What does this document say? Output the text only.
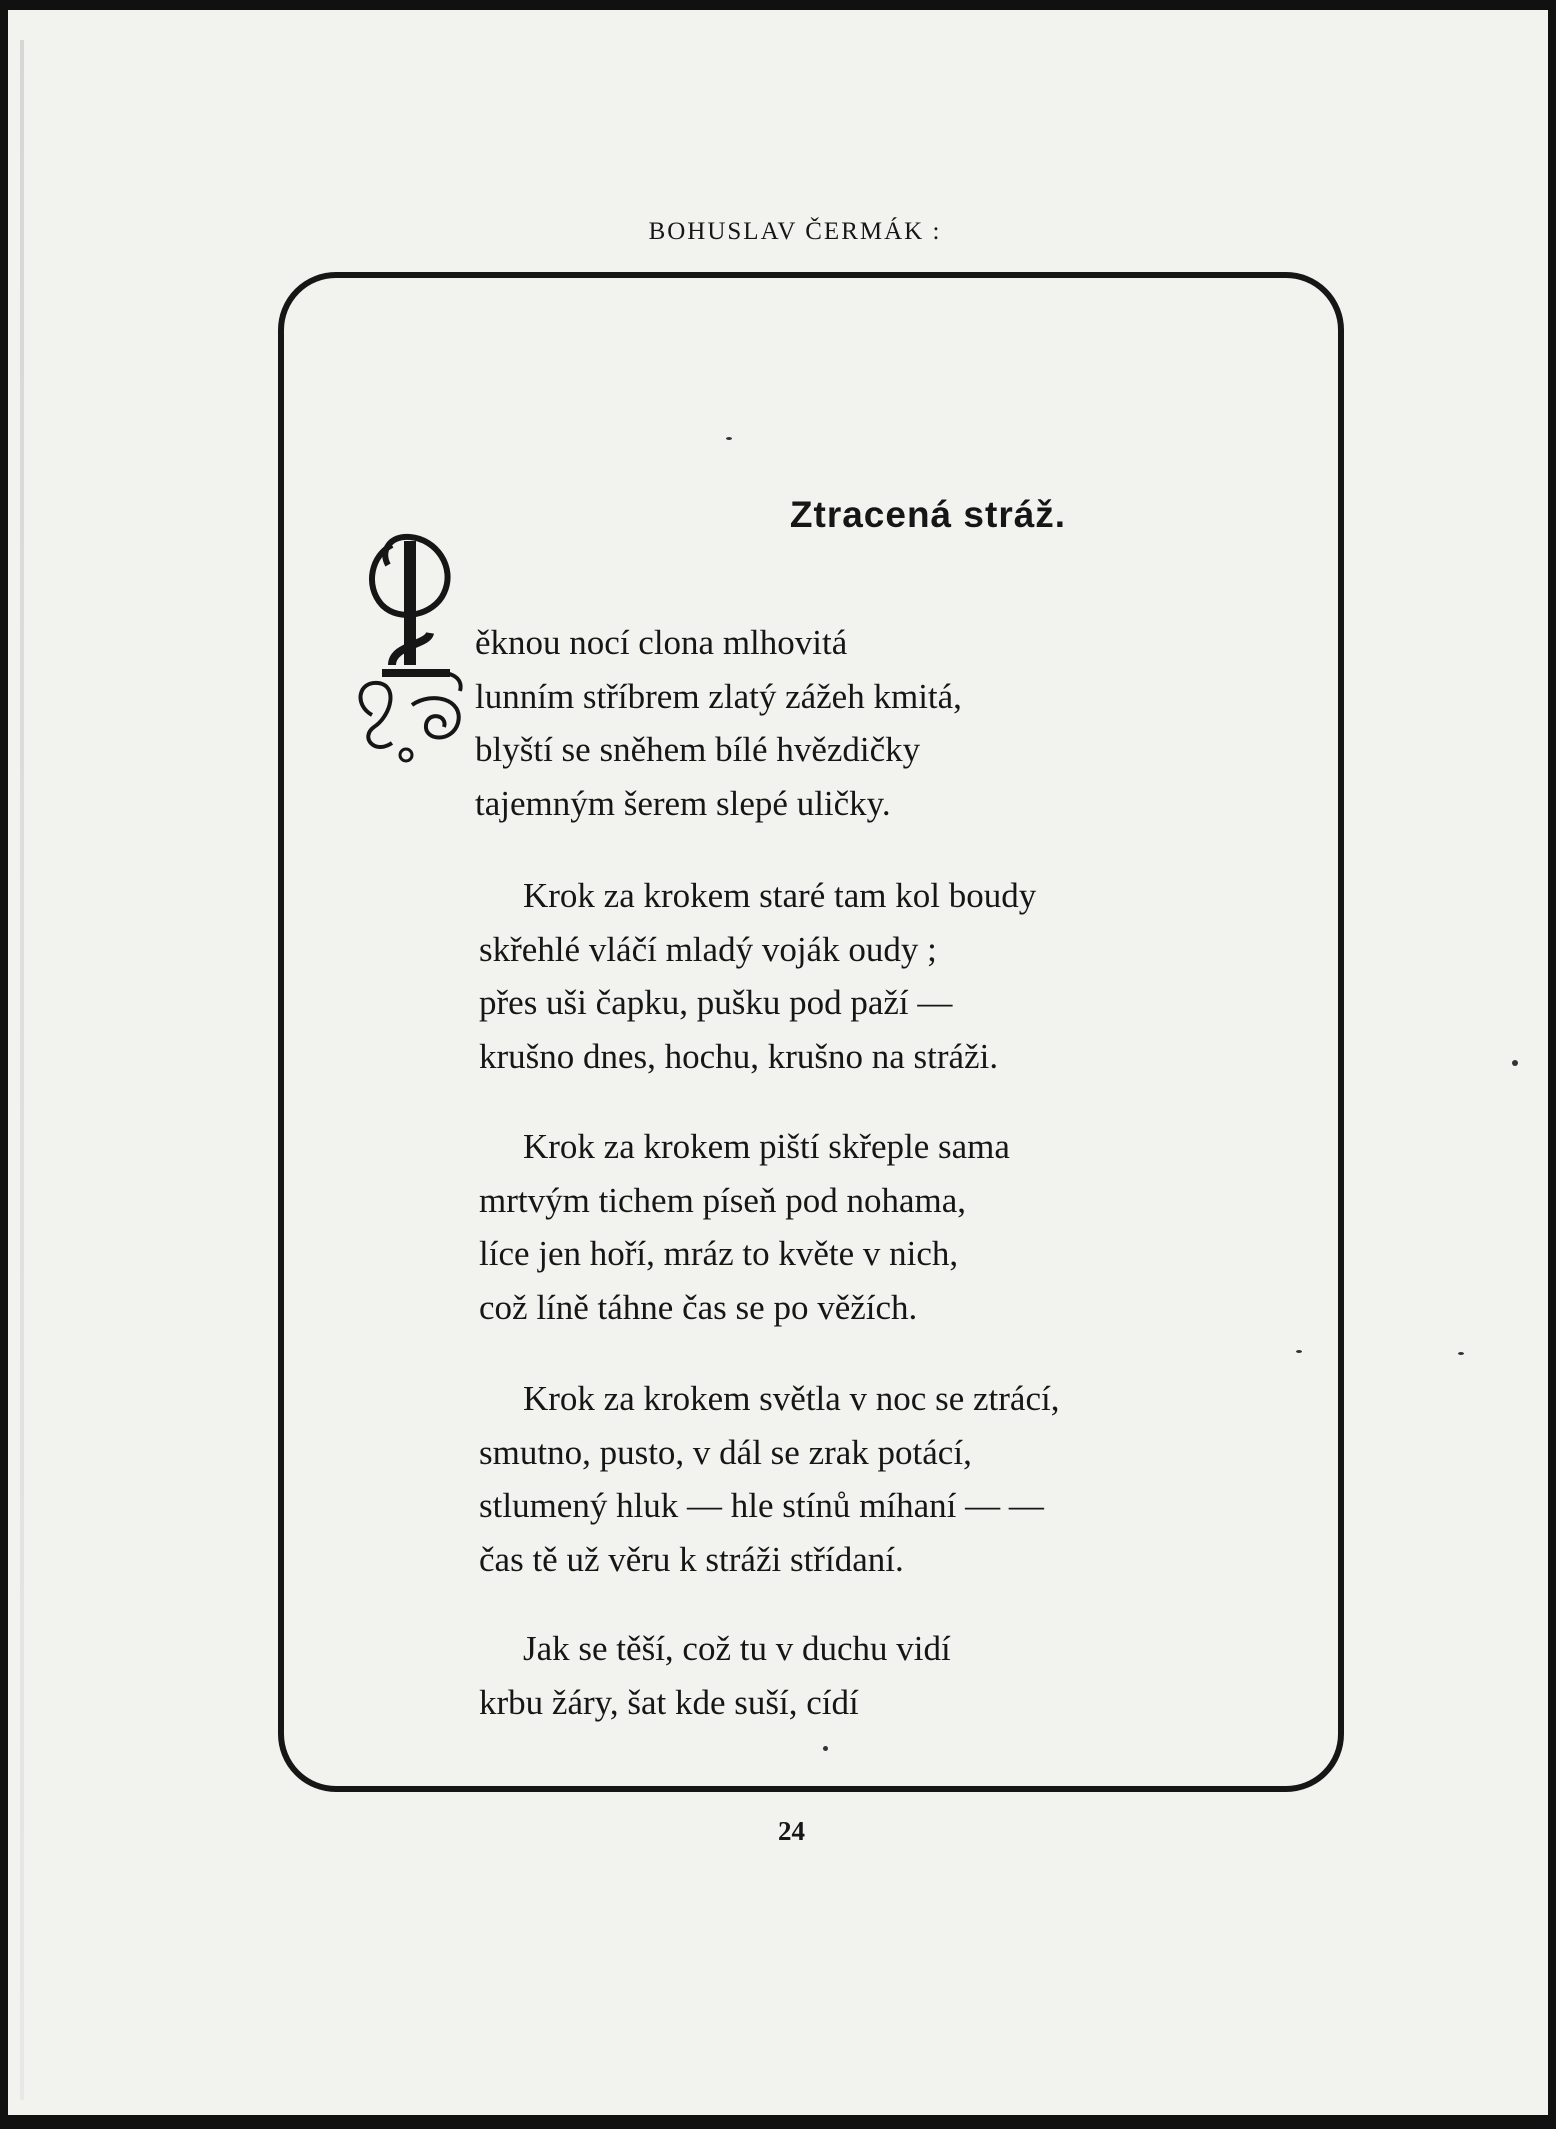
BOHUSLAV ČERMÁK :
Ztracená stráž.
ěknou nocí clona mlhovitá
lunním stříbrem zlatý zážeh kmitá,
blyští se sněhem bílé hvězdičky
tajemným šerem slepé uličky.
Krok za krokem staré tam kol boudy
skřehlé vláčí mladý voják oudy ;
přes uši čapku, pušku pod paží —
krušno dnes, hochu, krušno na stráži.
Krok za krokem piští skřeple sama
mrtvým tichem píseň pod nohama,
líce jen hoří, mráz to květe v nich,
což líně táhne čas se po věžích.
Krok za krokem světla v noc se ztrácí,
smutno, pusto, v dál se zrak potácí,
stlumený hluk — hle stínů míhaní — —
čas tě už věru k stráži střídaní.
Jak se těší, což tu v duchu vidí
krbu žáry, šat kde suší, cídí
24
